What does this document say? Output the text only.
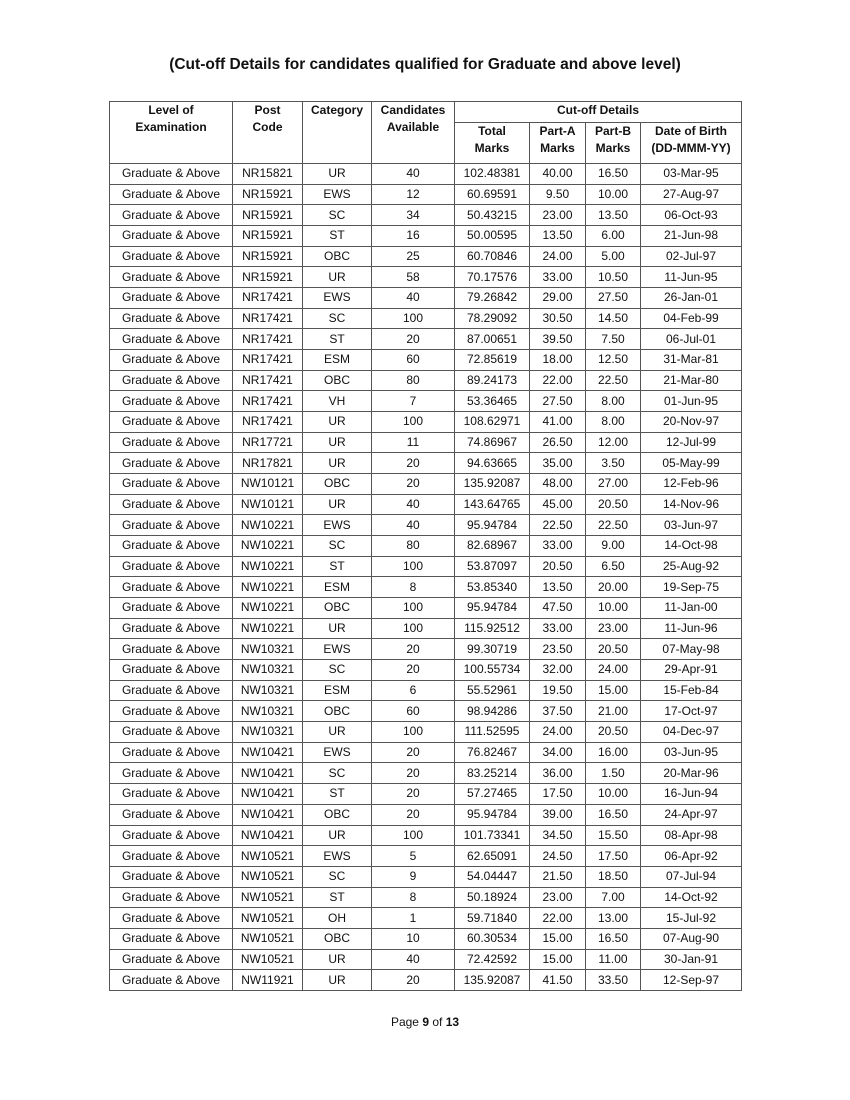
(Cut-off Details for candidates qualified for Graduate and above level)
Level of Examination	Post Code	Category	Candidates Available	Cut-off Details			
				Total Marks	Part-A Marks	Part-B Marks	Date of Birth (DD-MMM-YY)
Graduate & Above	NR15821	UR	40	102.48381	40.00	16.50	03-Mar-95
Graduate & Above	NR15921	EWS	12	60.69591	9.50	10.00	27-Aug-97
Graduate & Above	NR15921	SC	34	50.43215	23.00	13.50	06-Oct-93
Graduate & Above	NR15921	ST	16	50.00595	13.50	6.00	21-Jun-98
Graduate & Above	NR15921	OBC	25	60.70846	24.00	5.00	02-Jul-97
Graduate & Above	NR15921	UR	58	70.17576	33.00	10.50	11-Jun-95
Graduate & Above	NR17421	EWS	40	79.26842	29.00	27.50	26-Jan-01
Graduate & Above	NR17421	SC	100	78.29092	30.50	14.50	04-Feb-99
Graduate & Above	NR17421	ST	20	87.00651	39.50	7.50	06-Jul-01
Graduate & Above	NR17421	ESM	60	72.85619	18.00	12.50	31-Mar-81
Graduate & Above	NR17421	OBC	80	89.24173	22.00	22.50	21-Mar-80
Graduate & Above	NR17421	VH	7	53.36465	27.50	8.00	01-Jun-95
Graduate & Above	NR17421	UR	100	108.62971	41.00	8.00	20-Nov-97
Graduate & Above	NR17721	UR	11	74.86967	26.50	12.00	12-Jul-99
Graduate & Above	NR17821	UR	20	94.63665	35.00	3.50	05-May-99
Graduate & Above	NW10121	OBC	20	135.92087	48.00	27.00	12-Feb-96
Graduate & Above	NW10121	UR	40	143.64765	45.00	20.50	14-Nov-96
Graduate & Above	NW10221	EWS	40	95.94784	22.50	22.50	03-Jun-97
Graduate & Above	NW10221	SC	80	82.68967	33.00	9.00	14-Oct-98
Graduate & Above	NW10221	ST	100	53.87097	20.50	6.50	25-Aug-92
Graduate & Above	NW10221	ESM	8	53.85340	13.50	20.00	19-Sep-75
Graduate & Above	NW10221	OBC	100	95.94784	47.50	10.00	11-Jan-00
Graduate & Above	NW10221	UR	100	115.92512	33.00	23.00	11-Jun-96
Graduate & Above	NW10321	EWS	20	99.30719	23.50	20.50	07-May-98
Graduate & Above	NW10321	SC	20	100.55734	32.00	24.00	29-Apr-91
Graduate & Above	NW10321	ESM	6	55.52961	19.50	15.00	15-Feb-84
Graduate & Above	NW10321	OBC	60	98.94286	37.50	21.00	17-Oct-97
Graduate & Above	NW10321	UR	100	111.52595	24.00	20.50	04-Dec-97
Graduate & Above	NW10421	EWS	20	76.82467	34.00	16.00	03-Jun-95
Graduate & Above	NW10421	SC	20	83.25214	36.00	1.50	20-Mar-96
Graduate & Above	NW10421	ST	20	57.27465	17.50	10.00	16-Jun-94
Graduate & Above	NW10421	OBC	20	95.94784	39.00	16.50	24-Apr-97
Graduate & Above	NW10421	UR	100	101.73341	34.50	15.50	08-Apr-98
Graduate & Above	NW10521	EWS	5	62.65091	24.50	17.50	06-Apr-92
Graduate & Above	NW10521	SC	9	54.04447	21.50	18.50	07-Jul-94
Graduate & Above	NW10521	ST	8	50.18924	23.00	7.00	14-Oct-92
Graduate & Above	NW10521	OH	1	59.71840	22.00	13.00	15-Jul-92
Graduate & Above	NW10521	OBC	10	60.30534	15.00	16.50	07-Aug-90
Graduate & Above	NW10521	UR	40	72.42592	15.00	11.00	30-Jan-91
Graduate & Above	NW11921	UR	20	135.92087	41.50	33.50	12-Sep-97
Page 9 of 13
